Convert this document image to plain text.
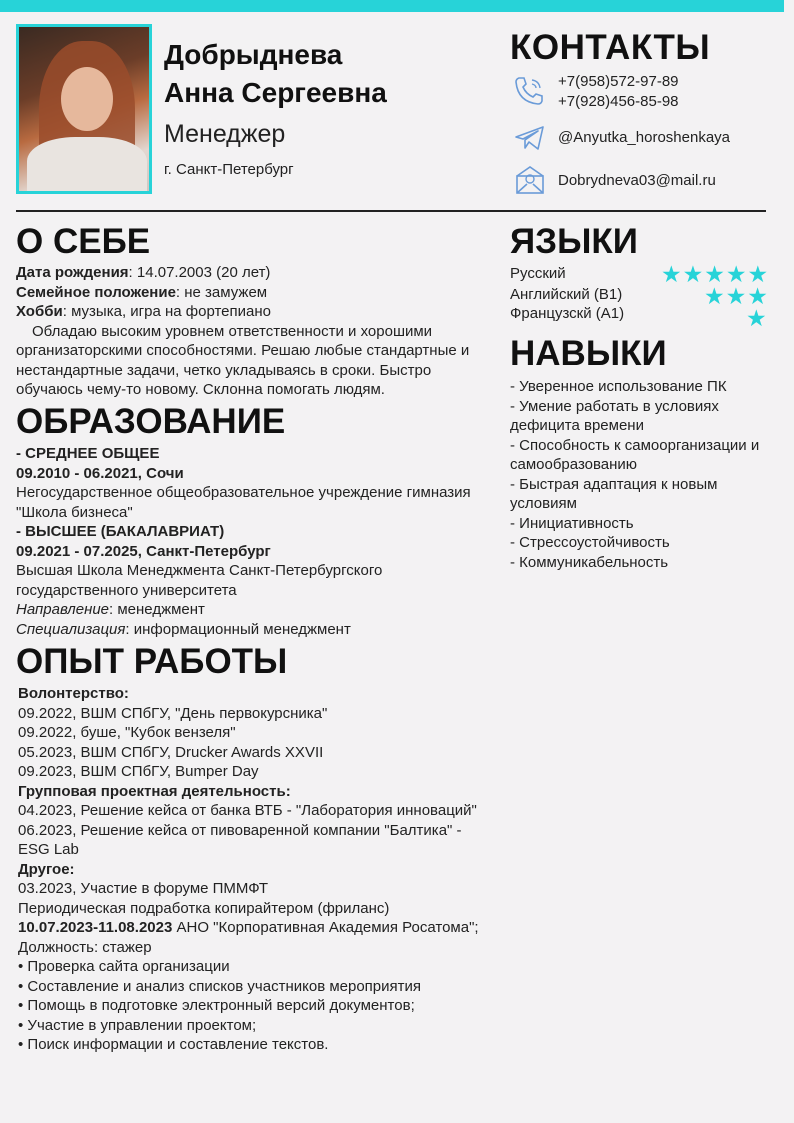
Добрыднева
Анна Сергеевна
Менеджер
г. Санкт-Петербург
КОНТАКТЫ
+7(958)572-97-89
+7(928)456-85-98
@Anyutka_horoshenkaya
Dobrydneva03@mail.ru
О СЕБЕ

Дата рождения: 14.07.2003 (20 лет)

Семейное положение: не замужем

Хобби: музыка, игра на фортепиано

Обладаю высоким уровнем ответственности и хорошими

организаторскими способностями. Решаю любые стандартные и

нестандартные задачи, четко укладываясь в сроки. Быстро

обучаюсь чему-то новому. Склонна помогать людям.

ОБРАЗОВАНИЕ

- СРЕДНЕЕ ОБЩЕЕ

09.2010 - 06.2021, Сочи

Негосударственное общеобразовательное учреждение гимназия

"Школа бизнеса"

- ВЫСШЕЕ (БАКАЛАВРИАТ)

09.2021 - 07.2025, Санкт-Петербург

Высшая Школа Менеджмента Санкт-Петербургского

государственного университета

Направление: менеджмент

Специализация: информационный менеджмент

ОПЫТ РАБОТЫ

Волонтерство:

09.2022, ВШМ СПбГУ, "День первокурсника"

09.2022, буше, "Кубок вензеля"

05.2023, ВШМ СПбГУ, Drucker Awards XXVII

09.2023, ВШМ СПбГУ, Bumper Day

Групповая проектная деятельность:

04.2023, Решение кейса от банка ВТБ - "Лаборатория инноваций"

06.2023, Решение кейса от пивоваренной компании "Балтика" -

ESG Lab

Другое:

03.2023, Участие в форуме ПММФТ

Периодическая подработка копирайтером (фриланс)

10.07.2023-11.08.2023 АНО "Корпоративная Академия Росатома";

Должность: стажер

• Проверка сайта организации

• Составление и анализ списков участников мероприятия

• Помощь в подготовке электронный версий документов;

• Участие в управлении проектом;

• Поиск информации и составление текстов.

ЯЗЫКИ
Русский	★★★★★
Английский (B1)	★★★
Французскй (A1)	★
НАВЫКИ

- Уверенное использование ПК

- Умение работать в условиях

дефицита времени

- Способность к самоорганизации и

самообразованию

- Быстрая адаптация к новым

условиям

- Инициативность

- Стрессоустойчивость

- Коммуникабельность
